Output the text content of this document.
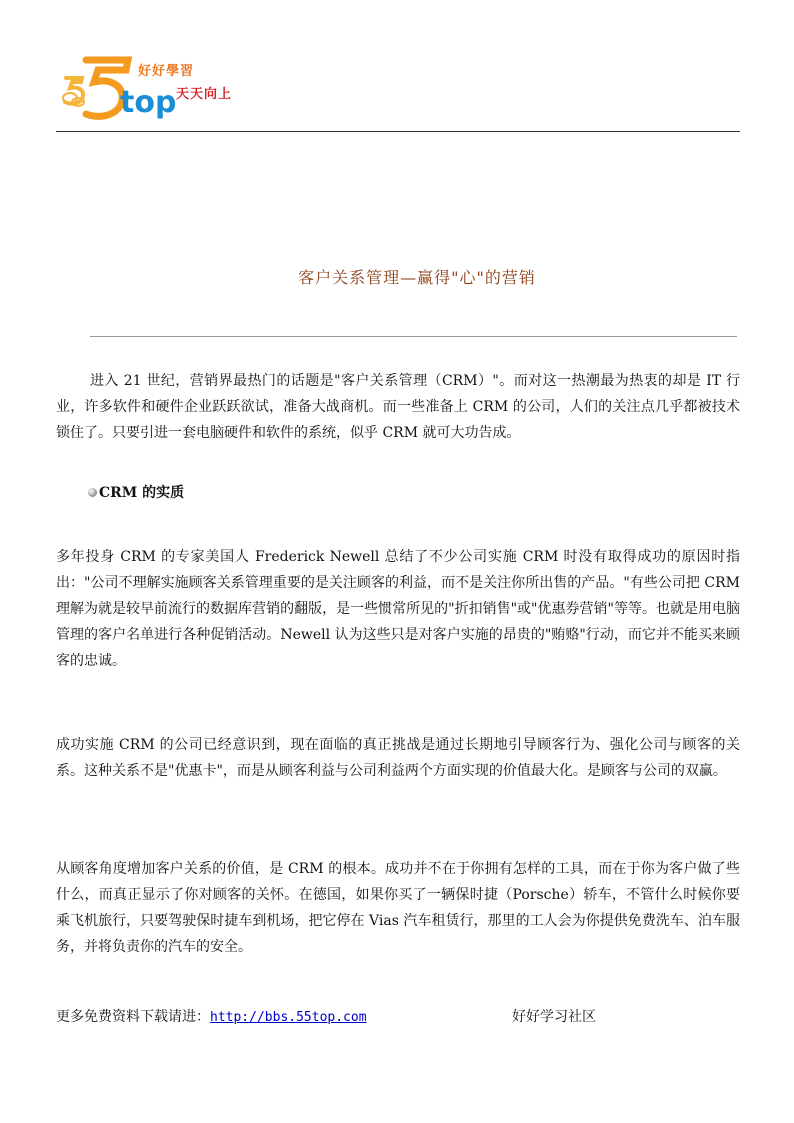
top
好好學習
天天向上
客户关系管理—赢得"心"的营销
进入 21 世纪，营销界最热门的话题是"客户关系管理（CRM）"。而对这一热潮最为热衷的却是 IT 行业，许多软件和硬件企业跃跃欲试，准备大战商机。而一些准备上 CRM 的公司，人们的关注点几乎都被技术锁住了。只要引进一套电脑硬件和软件的系统，似乎 CRM 就可大功告成。
CRM 的实质
多年投身 CRM 的专家美国人 Frederick Newell 总结了不少公司实施 CRM 时没有取得成功的原因时指出："公司不理解实施顾客关系管理重要的是关注顾客的利益，而不是关注你所出售的产品。"有些公司把 CRM 理解为就是较早前流行的数据库营销的翻版，是一些惯常所见的"折扣销售"或"优惠券营销"等等。也就是用电脑管理的客户名单进行各种促销活动。Newell 认为这些只是对客户实施的昂贵的"贿赂"行动，而它并不能买来顾客的忠诚。
成功实施 CRM 的公司已经意识到，现在面临的真正挑战是通过长期地引导顾客行为、强化公司与顾客的关系。这种关系不是"优惠卡"，而是从顾客利益与公司利益两个方面实现的价值最大化。是顾客与公司的双赢。
从顾客角度增加客户关系的价值，是 CRM 的根本。成功并不在于你拥有怎样的工具，而在于你为客户做了些什么，而真正显示了你对顾客的关怀。在德国，如果你买了一辆保时捷（Porsche）轿车，不管什么时候你要乘飞机旅行，只要驾驶保时捷车到机场，把它停在 Vias 汽车租赁行，那里的工人会为你提供免费洗车、泊车服务，并将负责你的汽车的安全。
更多免费资料下载请进：http://bbs.55top.com	好好学习社区
